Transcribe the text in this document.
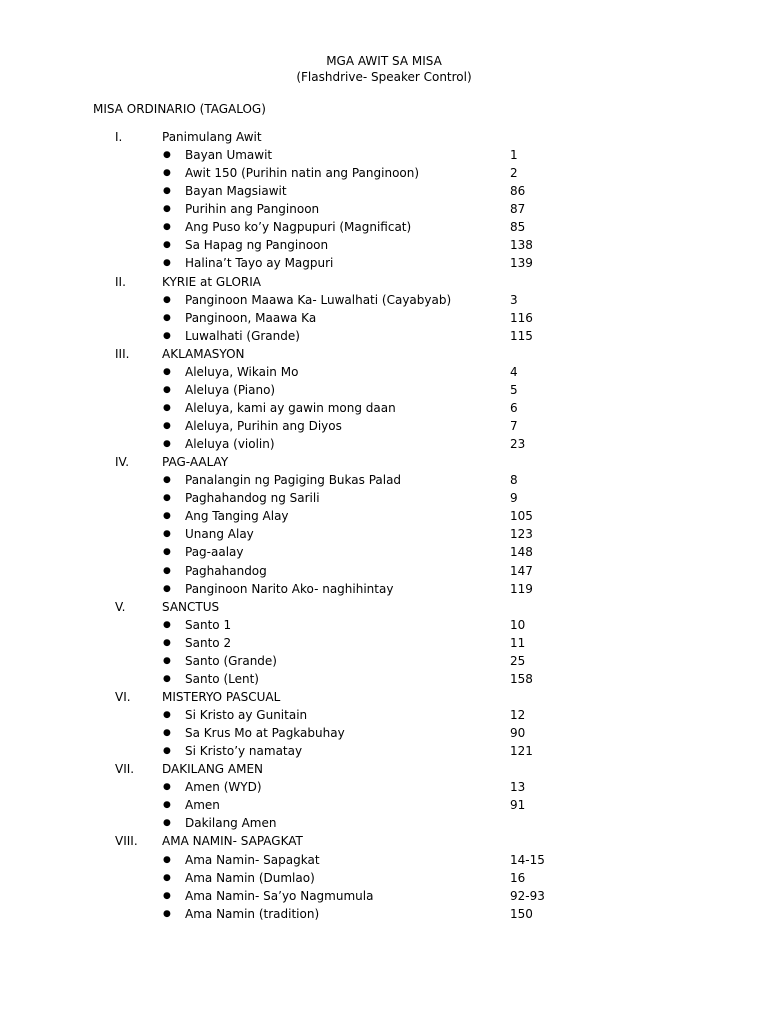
MGA AWIT SA MISA
(Flashdrive- Speaker Control)
MISA ORDINARIO (TAGALOG)
I.	Panimulang Awit
● Bayan Umawit	1
● Awit 150 (Purihin natin ang Panginoon)	2
● Bayan Magsiawit	86
● Purihin ang Panginoon	87
● Ang Puso ko’y Nagpupuri (Magnificat)	85
● Sa Hapag ng Panginoon	138
● Halina’t Tayo ay Magpuri	139
II.	KYRIE at GLORIA
● Panginoon Maawa Ka- Luwalhati (Cayabyab)	3
● Panginoon, Maawa Ka	116
● Luwalhati (Grande)	115
III.	AKLAMASYON
● Aleluya, Wikain Mo	4
● Aleluya (Piano)	5
● Aleluya, kami ay gawin mong daan	6
● Aleluya, Purihin ang Diyos	7
● Aleluya (violin)	23
IV.	PAG-AALAY
● Panalangin ng Pagiging Bukas Palad	8
● Paghahandog ng Sarili	9
● Ang Tanging Alay	105
● Unang Alay	123
● Pag-aalay	148
● Paghahandog	147
● Panginoon Narito Ako- naghihintay	119
V.	SANCTUS
● Santo 1	10
● Santo 2	11
● Santo (Grande)	25
● Santo (Lent)	158
VI.	MISTERYO PASCUAL
● Si Kristo ay Gunitain	12
● Sa Krus Mo at Pagkabuhay	90
● Si Kristo’y namatay	121
VII. DAKILANG AMEN
● Amen (WYD)	13
● Amen	91
● Dakilang Amen
VIII. AMA NAMIN- SAPAGKAT
● Ama Namin- Sapagkat	14-15
● Ama Namin (Dumlao)	16
● Ama Namin- Sa’yo Nagmumula	92-93
● Ama Namin (tradition)	150
